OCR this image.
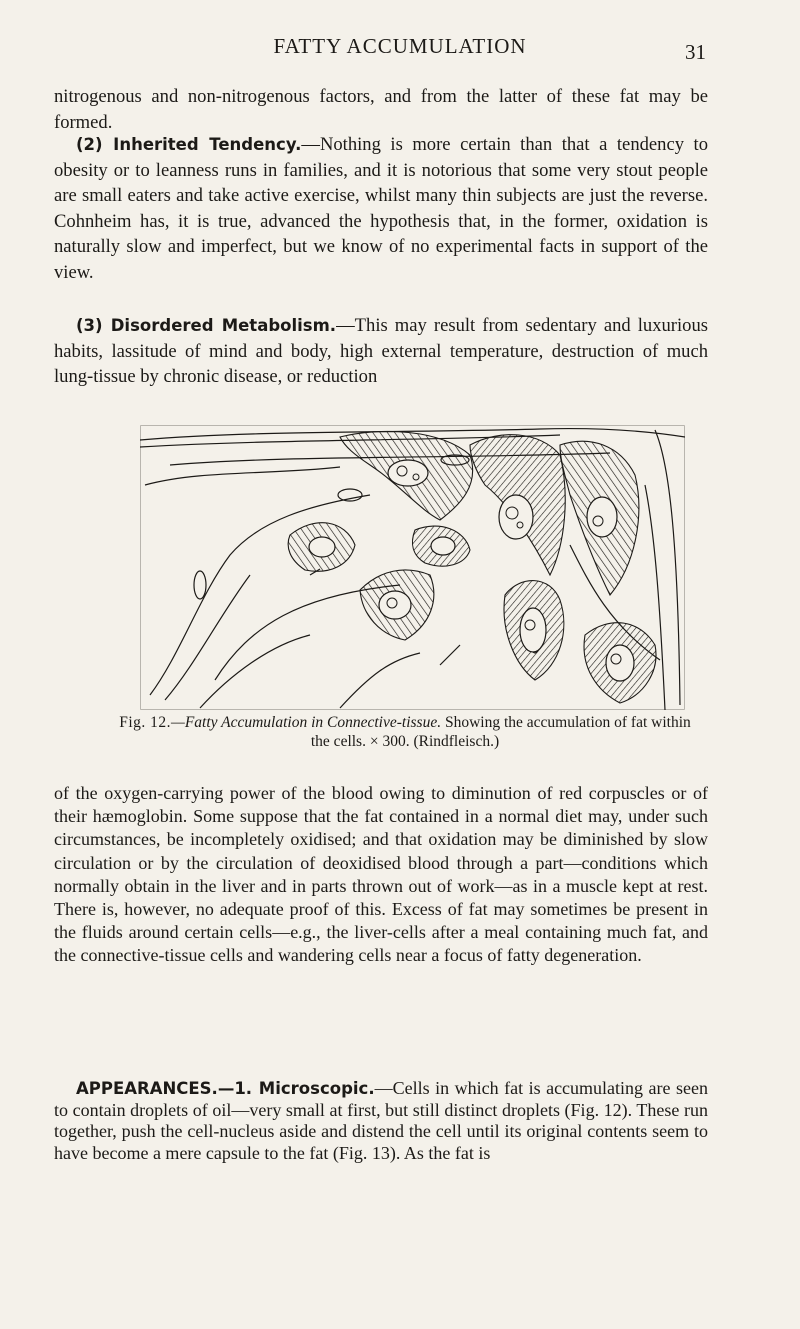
FATTY ACCUMULATION	31

nitrogenous and non-nitrogenous factors, and from the latter of these fat may be formed.

(2) Inherited Tendency.—Nothing is more certain than that a tendency to obesity or to leanness runs in families, and it is notorious that some very stout people are small eaters and take active exercise, whilst many thin subjects are just the reverse. Cohnheim has, it is true, advanced the hypothesis that, in the former, oxidation is naturally slow and imperfect, but we know of no experimental facts in support of the view.

(3) Disordered Metabolism.—This may result from sedentary and luxurious habits, lassitude of mind and body, high external temperature, destruction of much lung-tissue by chronic disease, or reduction

Fig. 12.—Fatty Accumulation in Connective-tissue. Showing the accumulation of fat within the cells. × 300. (Rindfleisch.)

of the oxygen-carrying power of the blood owing to diminution of red corpuscles or of their hæmoglobin. Some suppose that the fat contained in a normal diet may, under such circumstances, be incompletely oxidised; and that oxidation may be diminished by slow circulation or by the circulation of deoxidised blood through a part—conditions which normally obtain in the liver and in parts thrown out of work—as in a muscle kept at rest. There is, however, no adequate proof of this. Excess of fat may sometimes be present in the fluids around certain cells—e.g., the liver-cells after a meal containing much fat, and the connective-tissue cells and wandering cells near a focus of fatty degeneration.

APPEARANCES.—1. Microscopic.—Cells in which fat is accumulating are seen to contain droplets of oil—very small at first, but still distinct droplets (Fig. 12). These run together, push the cell-nucleus aside and distend the cell until its original contents seem to have become a mere capsule to the fat (Fig. 13). As the fat is
